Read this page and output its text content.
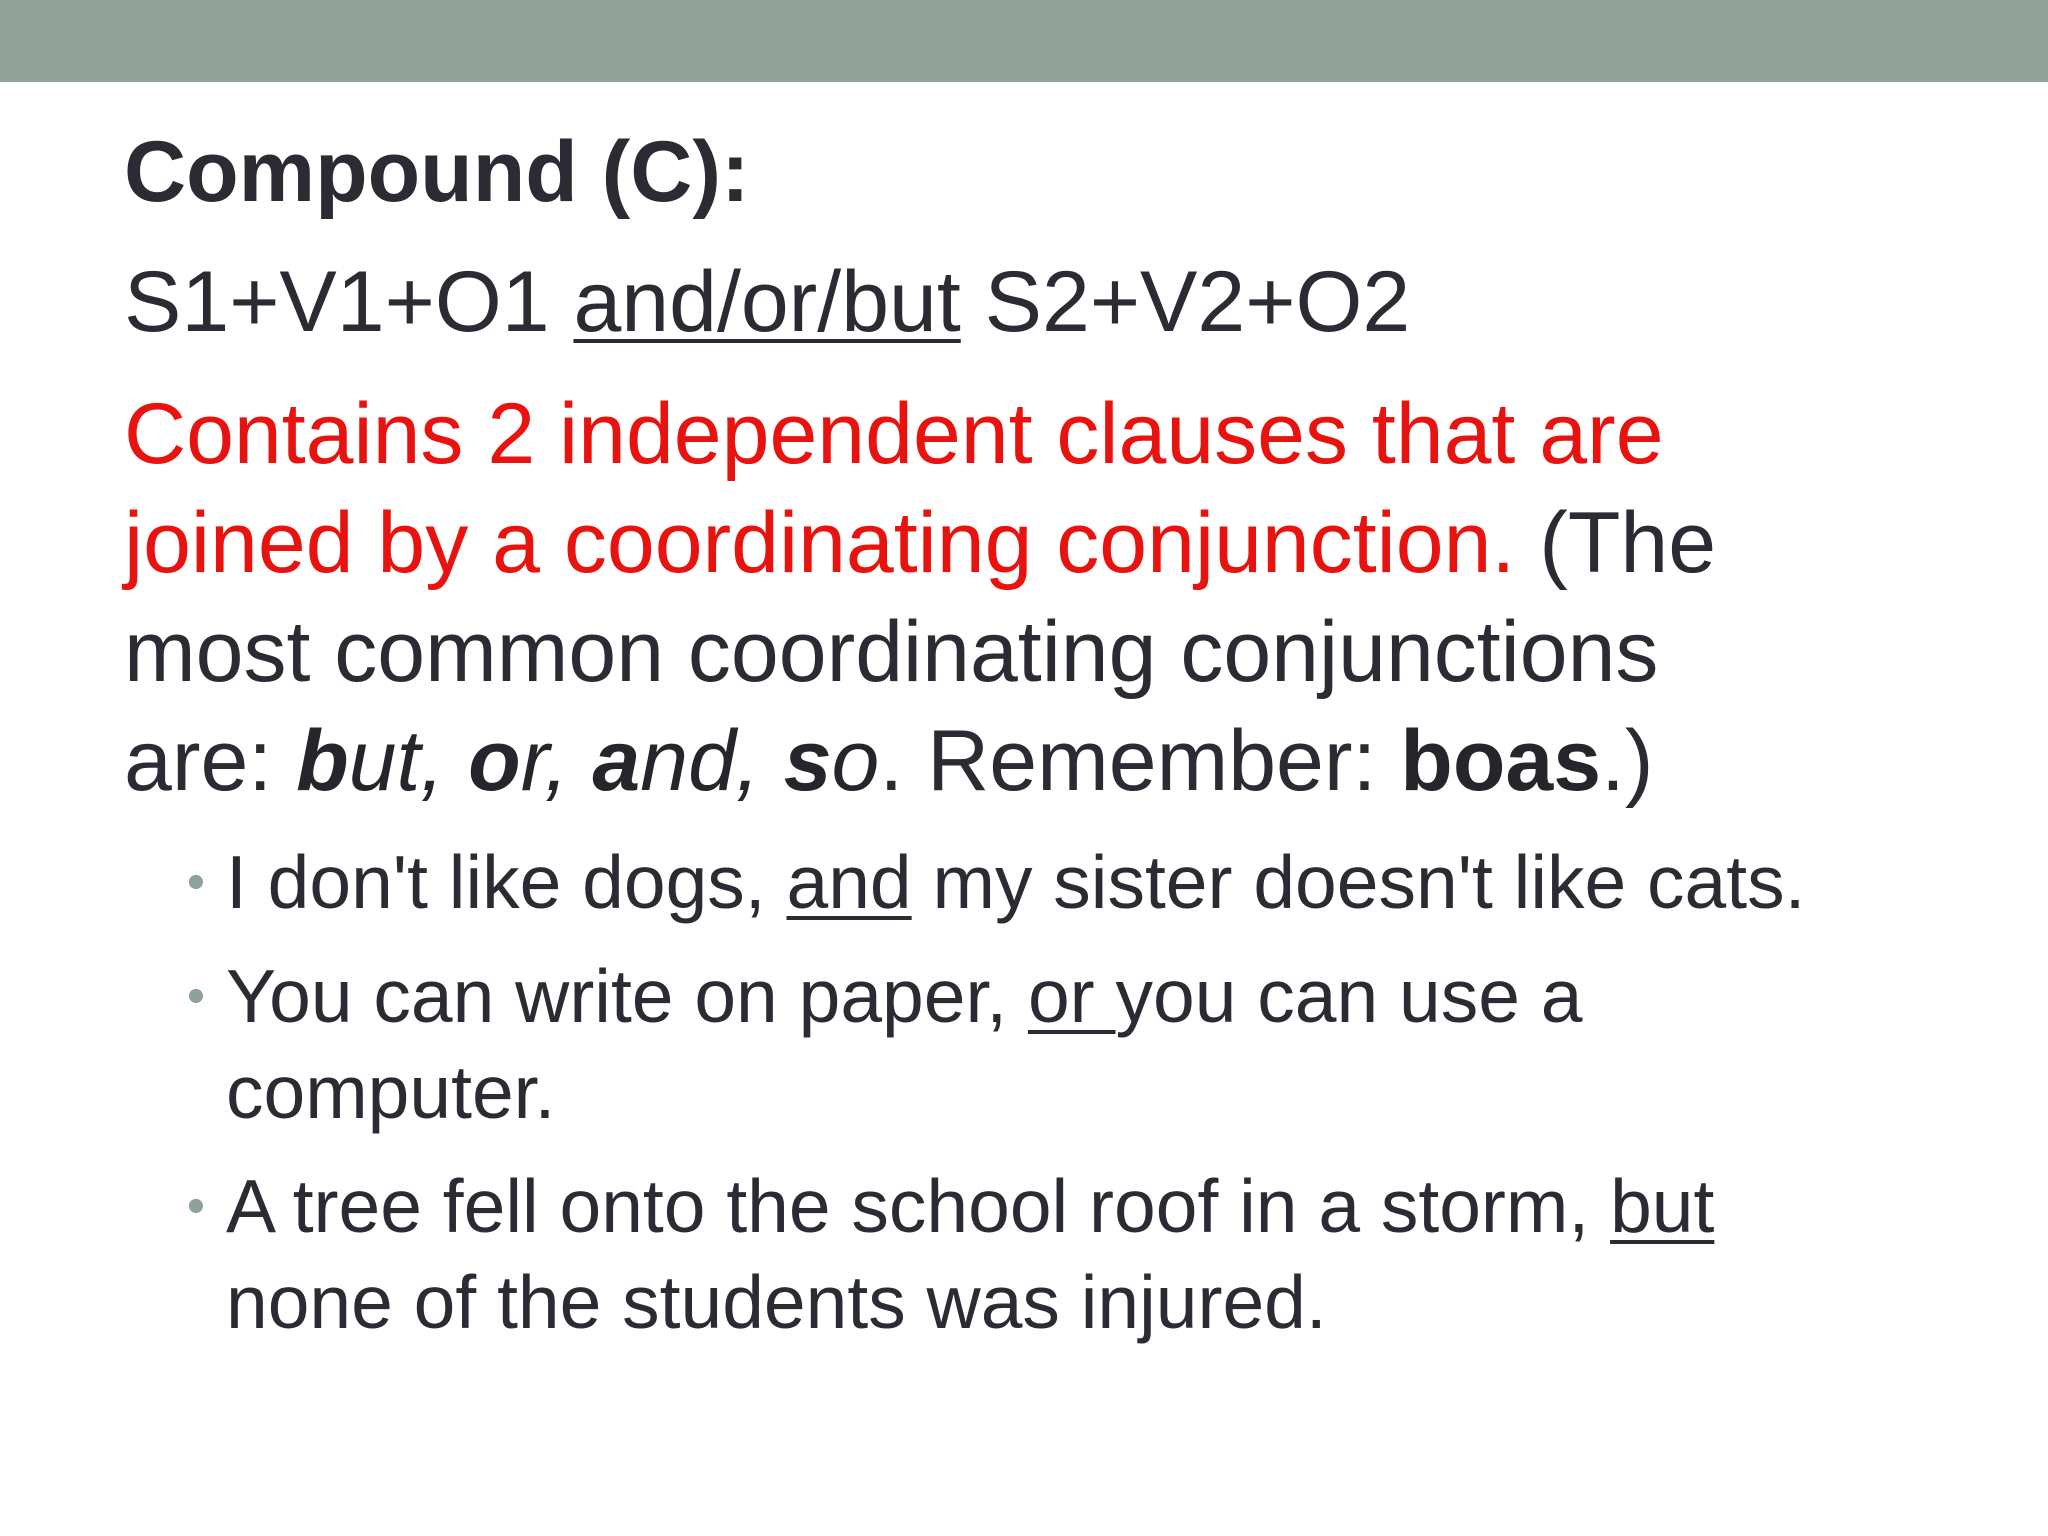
Compound (C):
S1+V1+O1 and/or/but S2+V2+O2
Contains 2 independent clauses that are
joined by a coordinating conjunction. (The
most common coordinating conjunctions
are: but, or, and, so. Remember: boas.)
• I don't like dogs, and my sister doesn't like cats.
• You can write on paper, or you can use a
computer.
• A tree fell onto the school roof in a storm, but
none of the students was injured.
